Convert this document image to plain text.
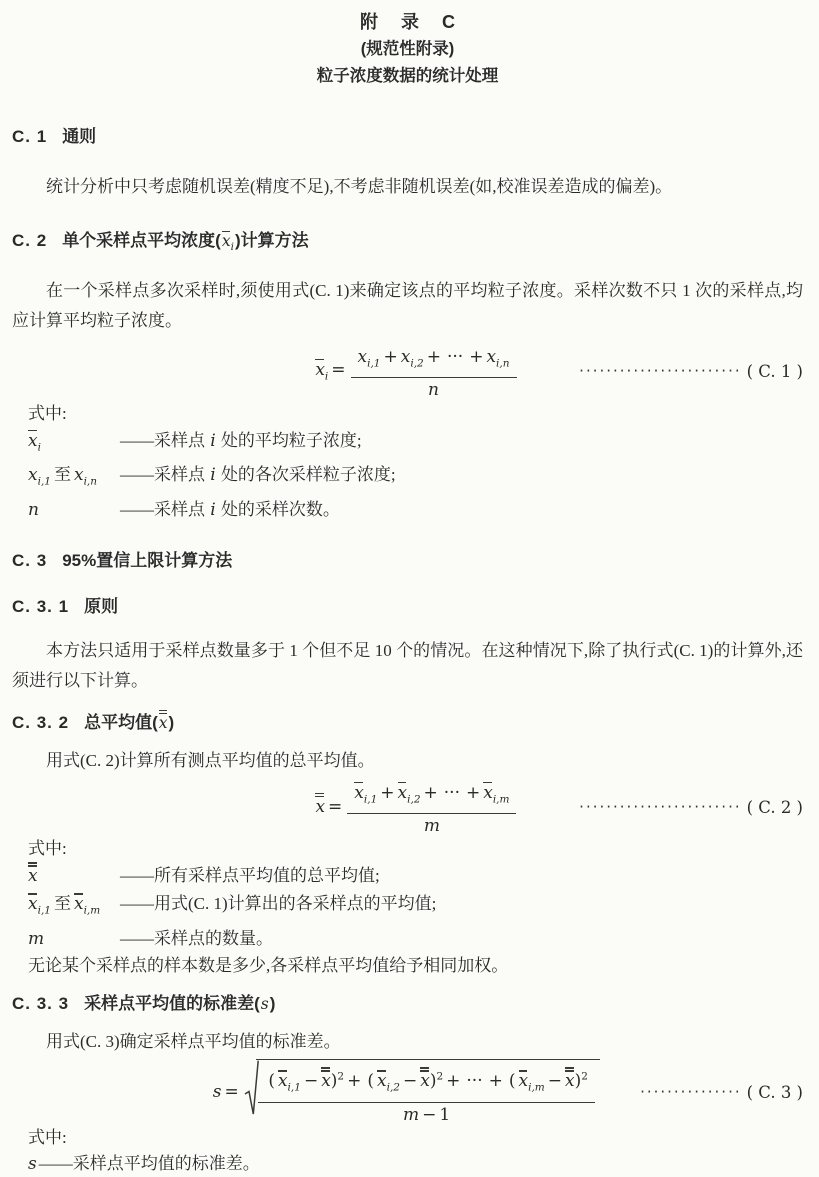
附 录 C
(规范性附录)
粒子浓度数据的统计处理
C. 1 通则

统计分析中只考虑随机误差(精度不足),不考虑非随机误差(如,校准误差造成的偏差)。

C. 2 单个采样点平均浓度$(x_i)$计算方法

在一个采样点多次采样时,须使用式(C. 1)来确定该点的平均粒子浓度。采样次数不只 1 次的采样点,均应计算平均粒子浓度。

$x_i = \frac{x_{i,1} + x_{i,2} + \cdot\cdot\cdot + x_{i,n}}{n}$	························ ( C. 1 )
式中:
$x_i$	—— 采样点 i 处的平均粒子浓度;
$x_{i,1}$ 至 $x_{i,n}$	—— 采样点 i 处的各次采样粒子浓度;
n	—— 采样点 i 处的采样次数。
C. 3 95%置信上限计算方法
C. 3. 1 原则

本方法只适用于采样点数量多于 1 个但不足 10 个的情况。在这种情况下,除了执行式(C. 1)的计算外,还须进行以下计算。

C. 3. 2 总平均值(x)

用式(C. 2)计算所有测点平均值的总平均值。

$x = \frac{x_{i,1} + x_{i,2} + \cdot\cdot\cdot + x_{i,m}}{m}$	························ ( C. 2 )
式中:
x	—— 所有采样点平均值的总平均值;
$x_{i,1}$ 至 $x_{i,m}$	—— 用式(C. 1)计算出的各采样点的平均值;
m	—— 采样点的数量。
无论某个采样点的样本数是多少,各采样点平均值给予相同加权。
C. 3. 3 采样点平均值的标准差(s)

用式(C. 3)确定采样点平均值的标准差。

$s = \frac{( x_{i,1} - x)^2 + ( x_{i,2} - x)^2 + \cdot\cdot\cdot + ( x_{i,m} - x)^2}{m - 1}$	··············· ( C. 3 )
式中:
s —— 采样点平均值的标准差。
